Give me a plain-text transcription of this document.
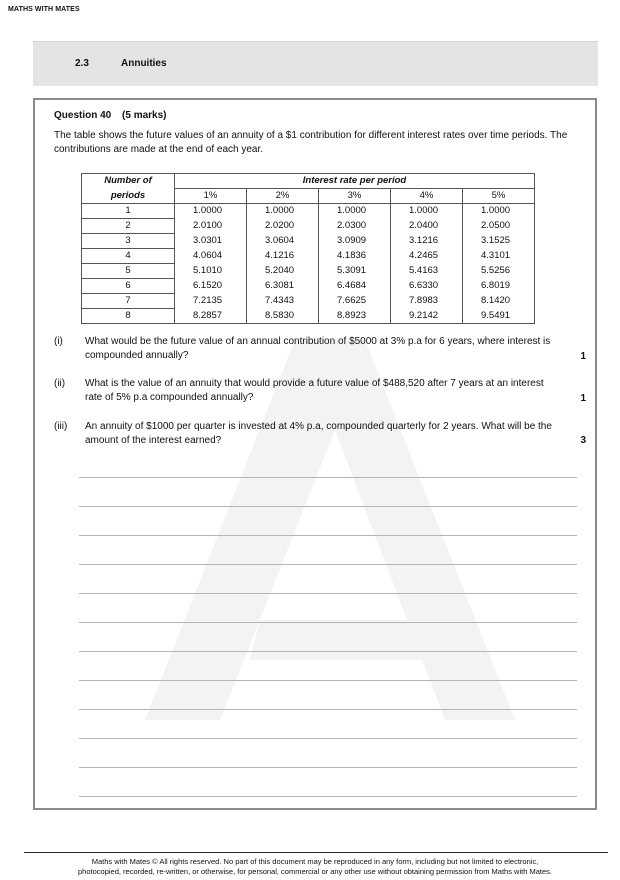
MATHS WITH MATES
2.3	Annuities
Question 40 (5 marks)
The table shows the future values of an annuity of a $1 contribution for different interest rates over time periods. The contributions are made at the end of each year.
Number of	Interest rate per period				
periods	1%	2%	3%	4%	5%
1	1.0000	1.0000	1.0000	1.0000	1.0000
2	2.0100	2.0200	2.0300	2.0400	2.0500
3	3.0301	3.0604	3.0909	3.1216	3.1525
4	4.0604	4.1216	4.1836	4.2465	4.3101
5	5.1010	5.2040	5.3091	5.4163	5.5256
6	6.1520	6.3081	6.4684	6.6330	6.8019
7	7.2135	7.4343	7.6625	7.8983	8.1420
8	8.2857	8.5830	8.8923	9.2142	9.5491
(i) What would be the future value of an annual contribution of $5000 at 3% p.a for 6 years, where interest is compounded annually?	1
(ii) What is the value of an annuity that would provide a future value of $488,520 after 7 years at an interest rate of 5% p.a compounded annually?	1
(iii) An annuity of $1000 per quarter is invested at 4% p.a, compounded quarterly for 2 years. What will be the amount of the interest earned?	3
Maths with Mates © All rights reserved. No part of this document may be reproduced in any form, including but not limited to electronic,
photocopied, recorded, re-written, or otherwise, for personal, commercial or any other use without obtaining permission from Maths with Mates.
